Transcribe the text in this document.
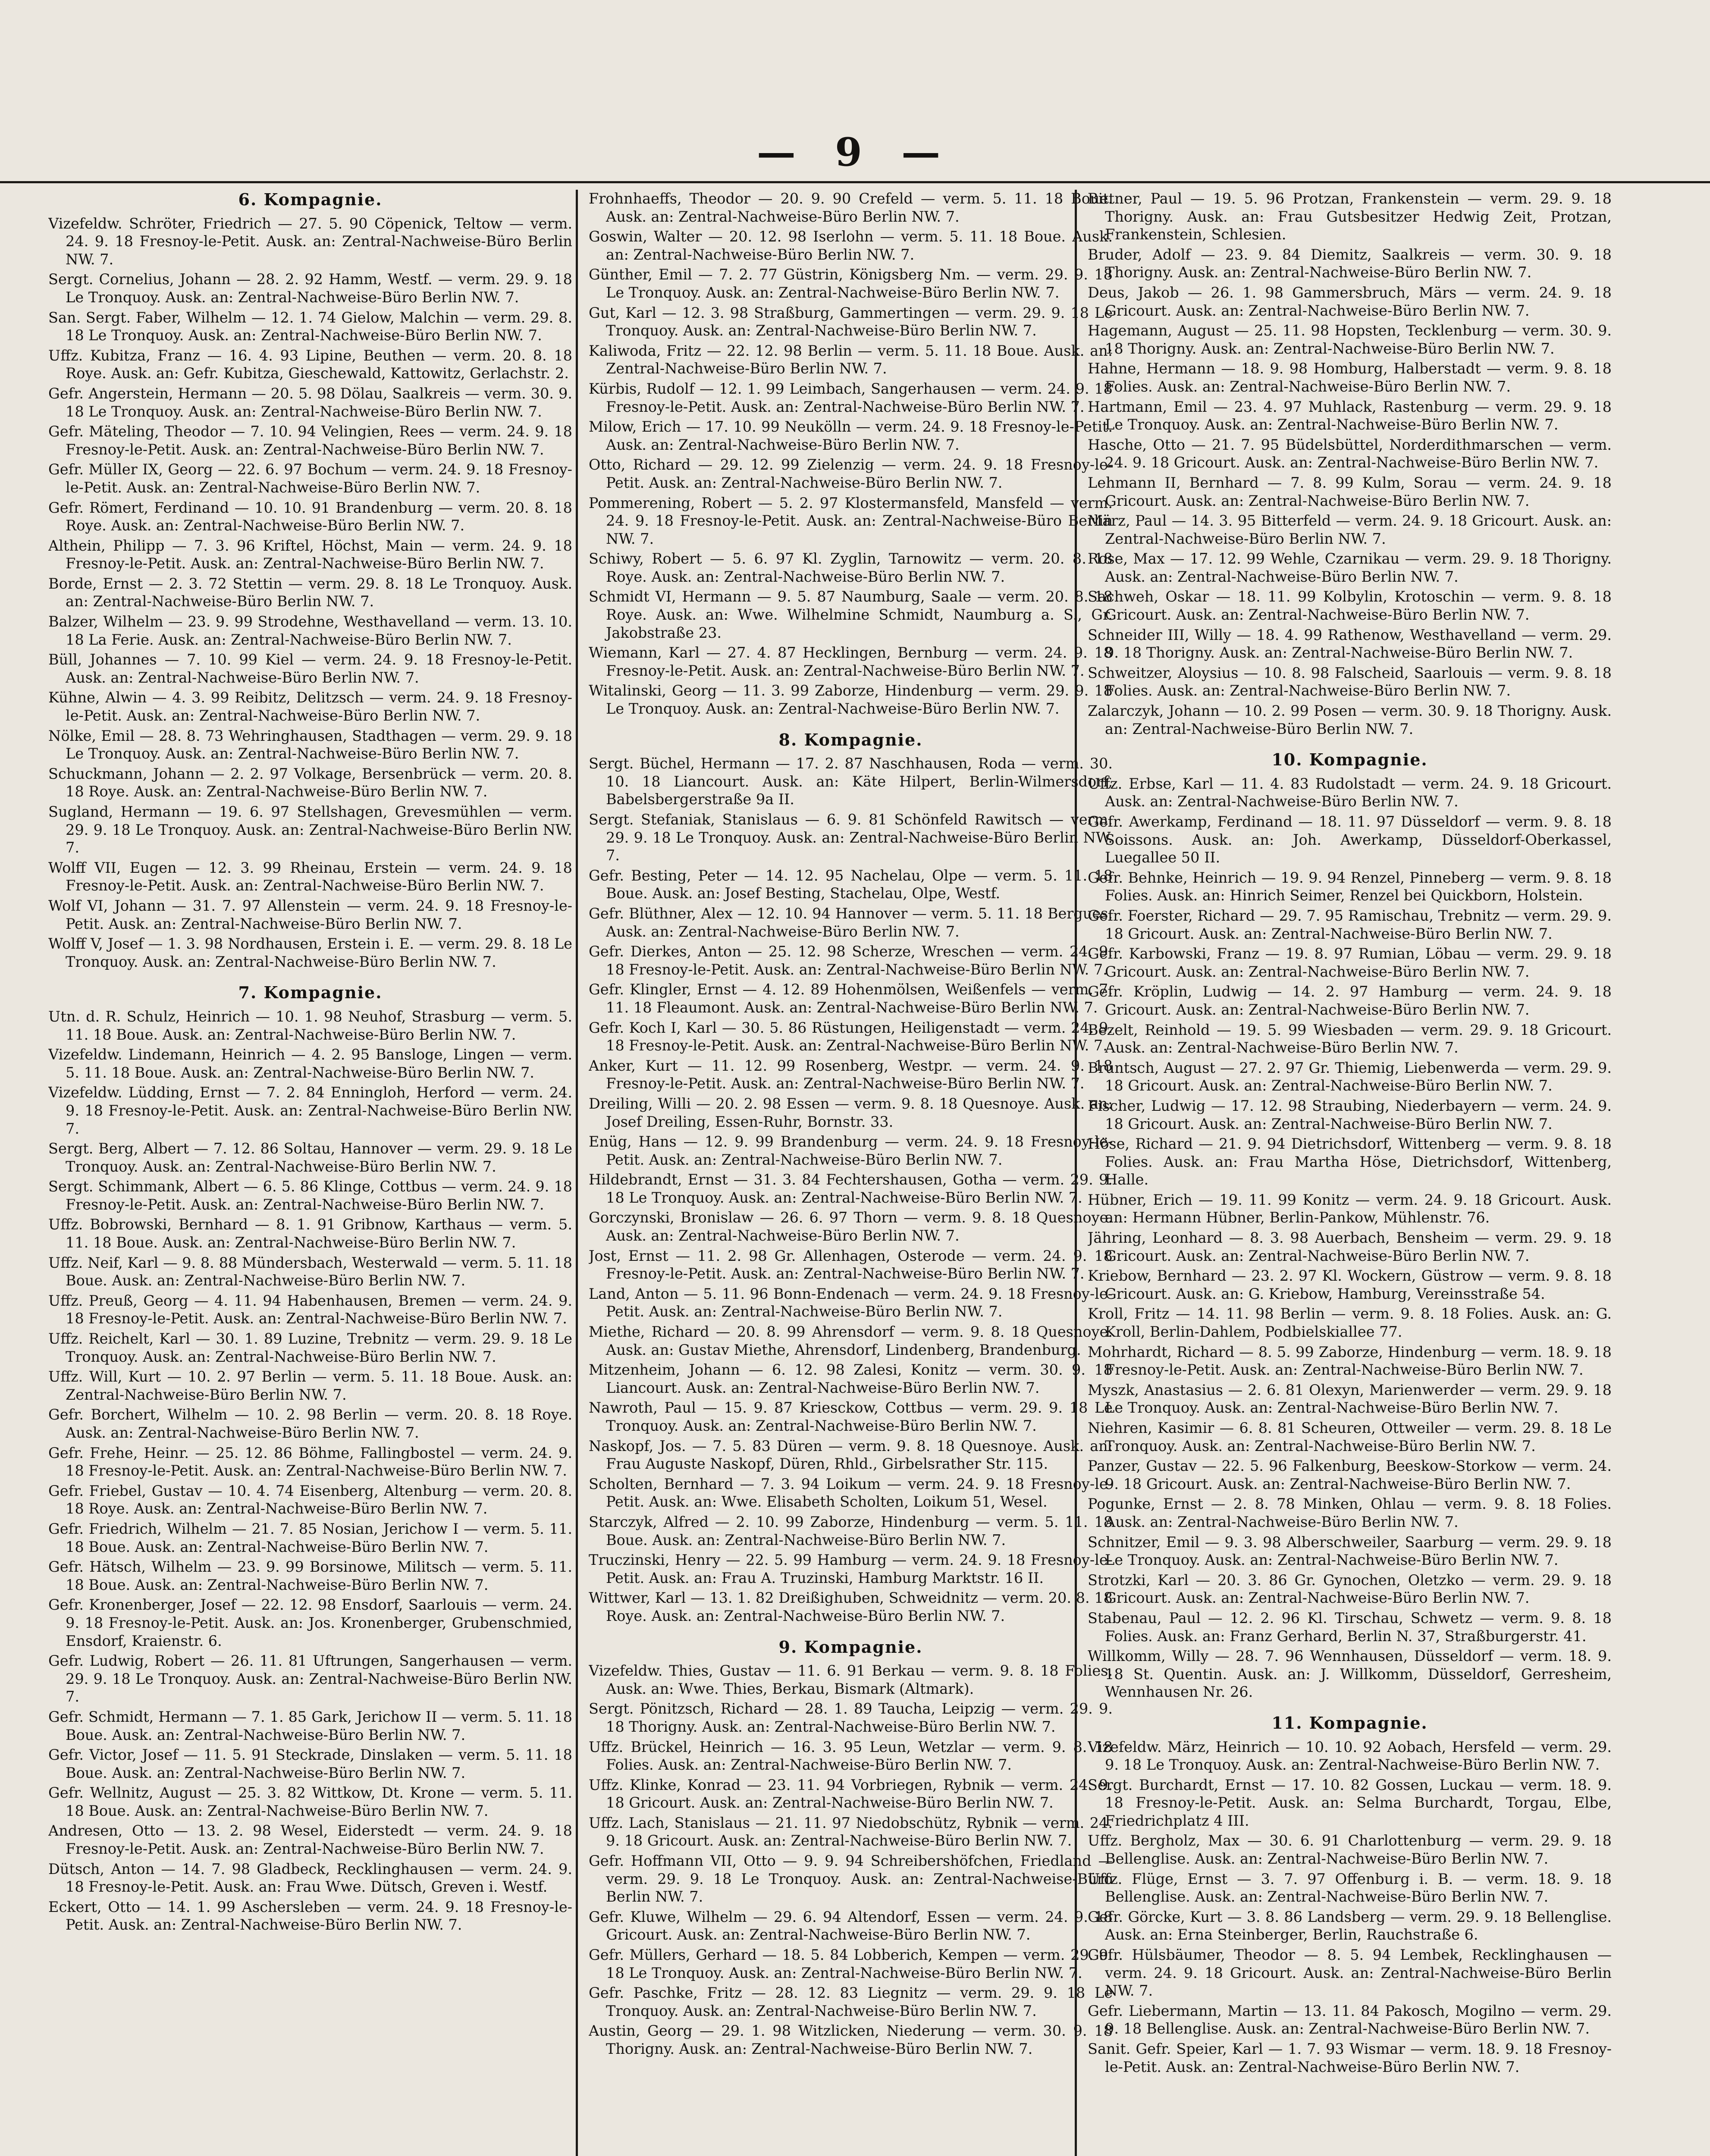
— 9 —
6. Kompagnie.
Vizefeldw. Schröter, Friedrich — 27. 5. 90 Cöpenick, Teltow — verm. 24. 9. 18 Fresnoy-le-Petit. Ausk. an: Zentral-Nachweise-Büro Berlin NW. 7.
Sergt. Cornelius, Johann — 28. 2. 92 Hamm, Westf. — verm. 29. 9. 18 Le Tronquoy. Ausk. an: Zentral-Nachweise-Büro Berlin NW. 7.
San. Sergt. Faber, Wilhelm — 12. 1. 74 Gielow, Malchin — verm. 29. 8. 18 Le Tronquoy. Ausk. an: Zentral-Nachweise-Büro Berlin NW. 7.
Uffz. Kubitza, Franz — 16. 4. 93 Lipine, Beuthen — verm. 20. 8. 18 Roye. Ausk. an: Gefr. Kubitza, Gieschewald, Kattowitz, Gerlachstr. 2.
Gefr. Angerstein, Hermann — 20. 5. 98 Dölau, Saalkreis — verm. 30. 9. 18 Le Tronquoy. Ausk. an: Zentral-Nachweise-Büro Berlin NW. 7.
Gefr. Mäteling, Theodor — 7. 10. 94 Velingien, Rees — verm. 24. 9. 18 Fresnoy-le-Petit. Ausk. an: Zentral-Nachweise-Büro Berlin NW. 7.
Gefr. Müller IX, Georg — 22. 6. 97 Bochum — verm. 24. 9. 18 Fresnoy-le-Petit. Ausk. an: Zentral-Nachweise-Büro Berlin NW. 7.
Gefr. Römert, Ferdinand — 10. 10. 91 Brandenburg — verm. 20. 8. 18 Roye. Ausk. an: Zentral-Nachweise-Büro Berlin NW. 7.
Althein, Philipp — 7. 3. 96 Kriftel, Höchst, Main — verm. 24. 9. 18 Fresnoy-le-Petit. Ausk. an: Zentral-Nachweise-Büro Berlin NW. 7.
Borde, Ernst — 2. 3. 72 Stettin — verm. 29. 8. 18 Le Tronquoy. Ausk. an: Zentral-Nachweise-Büro Berlin NW. 7.
Balzer, Wilhelm — 23. 9. 99 Strodehne, Westhavelland — verm. 13. 10. 18 La Ferie. Ausk. an: Zentral-Nachweise-Büro Berlin NW. 7.
Büll, Johannes — 7. 10. 99 Kiel — verm. 24. 9. 18 Fresnoy-le-Petit. Ausk. an: Zentral-Nachweise-Büro Berlin NW. 7.
Kühne, Alwin — 4. 3. 99 Reibitz, Delitzsch — verm. 24. 9. 18 Fresnoy-le-Petit. Ausk. an: Zentral-Nachweise-Büro Berlin NW. 7.
Nölke, Emil — 28. 8. 73 Wehringhausen, Stadthagen — verm. 29. 9. 18 Le Tronquoy. Ausk. an: Zentral-Nachweise-Büro Berlin NW. 7.
Schuckmann, Johann — 2. 2. 97 Volkage, Bersenbrück — verm. 20. 8. 18 Roye. Ausk. an: Zentral-Nachweise-Büro Berlin NW. 7.
Sugland, Hermann — 19. 6. 97 Stellshagen, Grevesmühlen — verm. 29. 9. 18 Le Tronquoy. Ausk. an: Zentral-Nachweise-Büro Berlin NW. 7.
Wolff VII, Eugen — 12. 3. 99 Rheinau, Erstein — verm. 24. 9. 18 Fresnoy-le-Petit. Ausk. an: Zentral-Nachweise-Büro Berlin NW. 7.
Wolf VI, Johann — 31. 7. 97 Allenstein — verm. 24. 9. 18 Fresnoy-le-Petit. Ausk. an: Zentral-Nachweise-Büro Berlin NW. 7.
Wolff V, Josef — 1. 3. 98 Nordhausen, Erstein i. E. — verm. 29. 8. 18 Le Tronquoy. Ausk. an: Zentral-Nachweise-Büro Berlin NW. 7.
7. Kompagnie.
Utn. d. R. Schulz, Heinrich — 10. 1. 98 Neuhof, Strasburg — verm. 5. 11. 18 Boue. Ausk. an: Zentral-Nachweise-Büro Berlin NW. 7.
Vizefeldw. Lindemann, Heinrich — 4. 2. 95 Bansloge, Lingen — verm. 5. 11. 18 Boue. Ausk. an: Zentral-Nachweise-Büro Berlin NW. 7.
Vizefeldw. Lüdding, Ernst — 7. 2. 84 Enningloh, Herford — verm. 24. 9. 18 Fresnoy-le-Petit. Ausk. an: Zentral-Nachweise-Büro Berlin NW. 7.
Sergt. Berg, Albert — 7. 12. 86 Soltau, Hannover — verm. 29. 9. 18 Le Tronquoy. Ausk. an: Zentral-Nachweise-Büro Berlin NW. 7.
Sergt. Schimmank, Albert — 6. 5. 86 Klinge, Cottbus — verm. 24. 9. 18 Fresnoy-le-Petit. Ausk. an: Zentral-Nachweise-Büro Berlin NW. 7.
Uffz. Bobrowski, Bernhard — 8. 1. 91 Gribnow, Karthaus — verm. 5. 11. 18 Boue. Ausk. an: Zentral-Nachweise-Büro Berlin NW. 7.
Uffz. Neif, Karl — 9. 8. 88 Mündersbach, Westerwald — verm. 5. 11. 18 Boue. Ausk. an: Zentral-Nachweise-Büro Berlin NW. 7.
Uffz. Preuß, Georg — 4. 11. 94 Habenhausen, Bremen — verm. 24. 9. 18 Fresnoy-le-Petit. Ausk. an: Zentral-Nachweise-Büro Berlin NW. 7.
Uffz. Reichelt, Karl — 30. 1. 89 Luzine, Trebnitz — verm. 29. 9. 18 Le Tronquoy. Ausk. an: Zentral-Nachweise-Büro Berlin NW. 7.
Uffz. Will, Kurt — 10. 2. 97 Berlin — verm. 5. 11. 18 Boue. Ausk. an: Zentral-Nachweise-Büro Berlin NW. 7.
Gefr. Borchert, Wilhelm — 10. 2. 98 Berlin — verm. 20. 8. 18 Roye. Ausk. an: Zentral-Nachweise-Büro Berlin NW. 7.
Gefr. Frehe, Heinr. — 25. 12. 86 Böhme, Fallingbostel — verm. 24. 9. 18 Fresnoy-le-Petit. Ausk. an: Zentral-Nachweise-Büro Berlin NW. 7.
Gefr. Friebel, Gustav — 10. 4. 74 Eisenberg, Altenburg — verm. 20. 8. 18 Roye. Ausk. an: Zentral-Nachweise-Büro Berlin NW. 7.
Gefr. Friedrich, Wilhelm — 21. 7. 85 Nosian, Jerichow I — verm. 5. 11. 18 Boue. Ausk. an: Zentral-Nachweise-Büro Berlin NW. 7.
Gefr. Hätsch, Wilhelm — 23. 9. 99 Borsinowe, Militsch — verm. 5. 11. 18 Boue. Ausk. an: Zentral-Nachweise-Büro Berlin NW. 7.
Gefr. Kronenberger, Josef — 22. 12. 98 Ensdorf, Saarlouis — verm. 24. 9. 18 Fresnoy-le-Petit. Ausk. an: Jos. Kronenberger, Grubenschmied, Ensdorf, Kraienstr. 6.
Gefr. Ludwig, Robert — 26. 11. 81 Uftrungen, Sangerhausen — verm. 29. 9. 18 Le Tronquoy. Ausk. an: Zentral-Nachweise-Büro Berlin NW. 7.
Gefr. Schmidt, Hermann — 7. 1. 85 Gark, Jerichow II — verm. 5. 11. 18 Boue. Ausk. an: Zentral-Nachweise-Büro Berlin NW. 7.
Gefr. Victor, Josef — 11. 5. 91 Steckrade, Dinslaken — verm. 5. 11. 18 Boue. Ausk. an: Zentral-Nachweise-Büro Berlin NW. 7.
Gefr. Wellnitz, August — 25. 3. 82 Wittkow, Dt. Krone — verm. 5. 11. 18 Boue. Ausk. an: Zentral-Nachweise-Büro Berlin NW. 7.
Andresen, Otto — 13. 2. 98 Wesel, Eiderstedt — verm. 24. 9. 18 Fresnoy-le-Petit. Ausk. an: Zentral-Nachweise-Büro Berlin NW. 7.
Dütsch, Anton — 14. 7. 98 Gladbeck, Recklinghausen — verm. 24. 9. 18 Fresnoy-le-Petit. Ausk. an: Frau Wwe. Dütsch, Greven i. Westf.
Eckert, Otto — 14. 1. 99 Aschersleben — verm. 24. 9. 18 Fresnoy-le-Petit. Ausk. an: Zentral-Nachweise-Büro Berlin NW. 7.
Frohnhaeffs, Theodor — 20. 9. 90 Crefeld — verm. 5. 11. 18 Boue. Ausk. an: Zentral-Nachweise-Büro Berlin NW. 7.
Goswin, Walter — 20. 12. 98 Iserlohn — verm. 5. 11. 18 Boue. Ausk. an: Zentral-Nachweise-Büro Berlin NW. 7.
Günther, Emil — 7. 2. 77 Güstrin, Königsberg Nm. — verm. 29. 9. 18 Le Tronquoy. Ausk. an: Zentral-Nachweise-Büro Berlin NW. 7.
Gut, Karl — 12. 3. 98 Straßburg, Gammertingen — verm. 29. 9. 18 Le Tronquoy. Ausk. an: Zentral-Nachweise-Büro Berlin NW. 7.
Kaliwoda, Fritz — 22. 12. 98 Berlin — verm. 5. 11. 18 Boue. Ausk. an: Zentral-Nachweise-Büro Berlin NW. 7.
Kürbis, Rudolf — 12. 1. 99 Leimbach, Sangerhausen — verm. 24. 9. 18 Fresnoy-le-Petit. Ausk. an: Zentral-Nachweise-Büro Berlin NW. 7.
Milow, Erich — 17. 10. 99 Neukölln — verm. 24. 9. 18 Fresnoy-le-Petit. Ausk. an: Zentral-Nachweise-Büro Berlin NW. 7.
Otto, Richard — 29. 12. 99 Zielenzig — verm. 24. 9. 18 Fresnoy-le-Petit. Ausk. an: Zentral-Nachweise-Büro Berlin NW. 7.
Pommerening, Robert — 5. 2. 97 Klostermansfeld, Mansfeld — verm. 24. 9. 18 Fresnoy-le-Petit. Ausk. an: Zentral-Nachweise-Büro Berlin NW. 7.
Schiwy, Robert — 5. 6. 97 Kl. Zyglin, Tarnowitz — verm. 20. 8. 18 Roye. Ausk. an: Zentral-Nachweise-Büro Berlin NW. 7.
Schmidt VI, Hermann — 9. 5. 87 Naumburg, Saale — verm. 20. 8. 18 Roye. Ausk. an: Wwe. Wilhelmine Schmidt, Naumburg a. S., Gr. Jakobstraße 23.
Wiemann, Karl — 27. 4. 87 Hecklingen, Bernburg — verm. 24. 9. 18 Fresnoy-le-Petit. Ausk. an: Zentral-Nachweise-Büro Berlin NW. 7.
Witalinski, Georg — 11. 3. 99 Zaborze, Hindenburg — verm. 29. 9. 18 Le Tronquoy. Ausk. an: Zentral-Nachweise-Büro Berlin NW. 7.
8. Kompagnie.
Sergt. Büchel, Hermann — 17. 2. 87 Naschhausen, Roda — verm. 30. 10. 18 Liancourt. Ausk. an: Käte Hilpert, Berlin-Wilmersdorf, Babelsbergerstraße 9a II.
Sergt. Stefaniak, Stanislaus — 6. 9. 81 Schönfeld Rawitsch — verm. 29. 9. 18 Le Tronquoy. Ausk. an: Zentral-Nachweise-Büro Berlin NW. 7.
Gefr. Besting, Peter — 14. 12. 95 Nachelau, Olpe — verm. 5. 11. 18 Boue. Ausk. an: Josef Besting, Stachelau, Olpe, Westf.
Gefr. Blüthner, Alex — 12. 10. 94 Hannover — verm. 5. 11. 18 Bergues. Ausk. an: Zentral-Nachweise-Büro Berlin NW. 7.
Gefr. Dierkes, Anton — 25. 12. 98 Scherze, Wreschen — verm. 24. 9. 18 Fresnoy-le-Petit. Ausk. an: Zentral-Nachweise-Büro Berlin NW. 7.
Gefr. Klingler, Ernst — 4. 12. 89 Hohenmölsen, Weißenfels — verm. 7. 11. 18 Fleaumont. Ausk. an: Zentral-Nachweise-Büro Berlin NW. 7.
Gefr. Koch I, Karl — 30. 5. 86 Rüstungen, Heiligenstadt — verm. 24. 9. 18 Fresnoy-le-Petit. Ausk. an: Zentral-Nachweise-Büro Berlin NW. 7.
Anker, Kurt — 11. 12. 99 Rosenberg, Westpr. — verm. 24. 9. 18 Fresnoy-le-Petit. Ausk. an: Zentral-Nachweise-Büro Berlin NW. 7.
Dreiling, Willi — 20. 2. 98 Essen — verm. 9. 8. 18 Quesnoye. Ausk. an: Josef Dreiling, Essen-Ruhr, Bornstr. 33.
Enüg, Hans — 12. 9. 99 Brandenburg — verm. 24. 9. 18 Fresnoy-le-Petit. Ausk. an: Zentral-Nachweise-Büro Berlin NW. 7.
Hildebrandt, Ernst — 31. 3. 84 Fechtershausen, Gotha — verm. 29. 9. 18 Le Tronquoy. Ausk. an: Zentral-Nachweise-Büro Berlin NW. 7.
Gorczynski, Bronislaw — 26. 6. 97 Thorn — verm. 9. 8. 18 Quesnoye. Ausk. an: Zentral-Nachweise-Büro Berlin NW. 7.
Jost, Ernst — 11. 2. 98 Gr. Allenhagen, Osterode — verm. 24. 9. 18 Fresnoy-le-Petit. Ausk. an: Zentral-Nachweise-Büro Berlin NW. 7.
Land, Anton — 5. 11. 96 Bonn-Endenach — verm. 24. 9. 18 Fresnoy-le-Petit. Ausk. an: Zentral-Nachweise-Büro Berlin NW. 7.
Miethe, Richard — 20. 8. 99 Ahrensdorf — verm. 9. 8. 18 Quesnoye. Ausk. an: Gustav Miethe, Ahrensdorf, Lindenberg, Brandenburg.
Mitzenheim, Johann — 6. 12. 98 Zalesi, Konitz — verm. 30. 9. 18 Liancourt. Ausk. an: Zentral-Nachweise-Büro Berlin NW. 7.
Nawroth, Paul — 15. 9. 87 Kriesckow, Cottbus — verm. 29. 9. 18 Le Tronquoy. Ausk. an: Zentral-Nachweise-Büro Berlin NW. 7.
Naskopf, Jos. — 7. 5. 83 Düren — verm. 9. 8. 18 Quesnoye. Ausk. an: Frau Auguste Naskopf, Düren, Rhld., Girbelsrather Str. 115.
Scholten, Bernhard — 7. 3. 94 Loikum — verm. 24. 9. 18 Fresnoy-le-Petit. Ausk. an: Wwe. Elisabeth Scholten, Loikum 51, Wesel.
Starczyk, Alfred — 2. 10. 99 Zaborze, Hindenburg — verm. 5. 11. 18 Boue. Ausk. an: Zentral-Nachweise-Büro Berlin NW. 7.
Truczinski, Henry — 22. 5. 99 Hamburg — verm. 24. 9. 18 Fresnoy-le-Petit. Ausk. an: Frau A. Truzinski, Hamburg Marktstr. 16 II.
Wittwer, Karl — 13. 1. 82 Dreißighuben, Schweidnitz — verm. 20. 8. 18 Roye. Ausk. an: Zentral-Nachweise-Büro Berlin NW. 7.
9. Kompagnie.
Vizefeldw. Thies, Gustav — 11. 6. 91 Berkau — verm. 9. 8. 18 Folies. Ausk. an: Wwe. Thies, Berkau, Bismark (Altmark).
Sergt. Pönitzsch, Richard — 28. 1. 89 Taucha, Leipzig — verm. 29. 9. 18 Thorigny. Ausk. an: Zentral-Nachweise-Büro Berlin NW. 7.
Uffz. Brückel, Heinrich — 16. 3. 95 Leun, Wetzlar — verm. 9. 8. 18 Folies. Ausk. an: Zentral-Nachweise-Büro Berlin NW. 7.
Uffz. Klinke, Konrad — 23. 11. 94 Vorbriegen, Rybnik — verm. 24. 9. 18 Gricourt. Ausk. an: Zentral-Nachweise-Büro Berlin NW. 7.
Uffz. Lach, Stanislaus — 21. 11. 97 Niedobschütz, Rybnik — verm. 24. 9. 18 Gricourt. Ausk. an: Zentral-Nachweise-Büro Berlin NW. 7.
Gefr. Hoffmann VII, Otto — 9. 9. 94 Schreibershöfchen, Friedland — verm. 29. 9. 18 Le Tronquoy. Ausk. an: Zentral-Nachweise-Büro Berlin NW. 7.
Gefr. Kluwe, Wilhelm — 29. 6. 94 Altendorf, Essen — verm. 24. 9. 18 Gricourt. Ausk. an: Zentral-Nachweise-Büro Berlin NW. 7.
Gefr. Müllers, Gerhard — 18. 5. 84 Lobberich, Kempen — verm. 29. 9. 18 Le Tronquoy. Ausk. an: Zentral-Nachweise-Büro Berlin NW. 7.
Gefr. Paschke, Fritz — 28. 12. 83 Liegnitz — verm. 29. 9. 18 Le Tronquoy. Ausk. an: Zentral-Nachweise-Büro Berlin NW. 7.
Austin, Georg — 29. 1. 98 Witzlicken, Niederung — verm. 30. 9. 18 Thorigny. Ausk. an: Zentral-Nachweise-Büro Berlin NW. 7.
Bittner, Paul — 19. 5. 96 Protzan, Frankenstein — verm. 29. 9. 18 Thorigny. Ausk. an: Frau Gutsbesitzer Hedwig Zeit, Protzan, Frankenstein, Schlesien.
Bruder, Adolf — 23. 9. 84 Diemitz, Saalkreis — verm. 30. 9. 18 Thorigny. Ausk. an: Zentral-Nachweise-Büro Berlin NW. 7.
Deus, Jakob — 26. 1. 98 Gammersbruch, Märs — verm. 24. 9. 18 Gricourt. Ausk. an: Zentral-Nachweise-Büro Berlin NW. 7.
Hagemann, August — 25. 11. 98 Hopsten, Tecklenburg — verm. 30. 9. 18 Thorigny. Ausk. an: Zentral-Nachweise-Büro Berlin NW. 7.
Hahne, Hermann — 18. 9. 98 Homburg, Halberstadt — verm. 9. 8. 18 Folies. Ausk. an: Zentral-Nachweise-Büro Berlin NW. 7.
Hartmann, Emil — 23. 4. 97 Muhlack, Rastenburg — verm. 29. 9. 18 Le Tronquoy. Ausk. an: Zentral-Nachweise-Büro Berlin NW. 7.
Hasche, Otto — 21. 7. 95 Büdelsbüttel, Norderdithmarschen — verm. 24. 9. 18 Gricourt. Ausk. an: Zentral-Nachweise-Büro Berlin NW. 7.
Lehmann II, Bernhard — 7. 8. 99 Kulm, Sorau — verm. 24. 9. 18 Gricourt. Ausk. an: Zentral-Nachweise-Büro Berlin NW. 7.
März, Paul — 14. 3. 95 Bitterfeld — verm. 24. 9. 18 Gricourt. Ausk. an: Zentral-Nachweise-Büro Berlin NW. 7.
Rose, Max — 17. 12. 99 Wehle, Czarnikau — verm. 29. 9. 18 Thorigny. Ausk. an: Zentral-Nachweise-Büro Berlin NW. 7.
Sachweh, Oskar — 18. 11. 99 Kolbylin, Krotoschin — verm. 9. 8. 18 Gricourt. Ausk. an: Zentral-Nachweise-Büro Berlin NW. 7.
Schneider III, Willy — 18. 4. 99 Rathenow, Westhavelland — verm. 29. 9. 18 Thorigny. Ausk. an: Zentral-Nachweise-Büro Berlin NW. 7.
Schweitzer, Aloysius — 10. 8. 98 Falscheid, Saarlouis — verm. 9. 8. 18 Folies. Ausk. an: Zentral-Nachweise-Büro Berlin NW. 7.
Zalarczyk, Johann — 10. 2. 99 Posen — verm. 30. 9. 18 Thorigny. Ausk. an: Zentral-Nachweise-Büro Berlin NW. 7.
10. Kompagnie.
Uffz. Erbse, Karl — 11. 4. 83 Rudolstadt — verm. 24. 9. 18 Gricourt. Ausk. an: Zentral-Nachweise-Büro Berlin NW. 7.
Gefr. Awerkamp, Ferdinand — 18. 11. 97 Düsseldorf — verm. 9. 8. 18 Soissons. Ausk. an: Joh. Awerkamp, Düsseldorf-Oberkassel, Luegallee 50 II.
Gefr. Behnke, Heinrich — 19. 9. 94 Renzel, Pinneberg — verm. 9. 8. 18 Folies. Ausk. an: Hinrich Seimer, Renzel bei Quickborn, Holstein.
Gefr. Foerster, Richard — 29. 7. 95 Ramischau, Trebnitz — verm. 29. 9. 18 Gricourt. Ausk. an: Zentral-Nachweise-Büro Berlin NW. 7.
Gefr. Karbowski, Franz — 19. 8. 97 Rumian, Löbau — verm. 29. 9. 18 Gricourt. Ausk. an: Zentral-Nachweise-Büro Berlin NW. 7.
Gefr. Kröplin, Ludwig — 14. 2. 97 Hamburg — verm. 24. 9. 18 Gricourt. Ausk. an: Zentral-Nachweise-Büro Berlin NW. 7.
Bezelt, Reinhold — 19. 5. 99 Wiesbaden — verm. 29. 9. 18 Gricourt. Ausk. an: Zentral-Nachweise-Büro Berlin NW. 7.
Bruntsch, August — 27. 2. 97 Gr. Thiemig, Liebenwerda — verm. 29. 9. 18 Gricourt. Ausk. an: Zentral-Nachweise-Büro Berlin NW. 7.
Fischer, Ludwig — 17. 12. 98 Straubing, Niederbayern — verm. 24. 9. 18 Gricourt. Ausk. an: Zentral-Nachweise-Büro Berlin NW. 7.
Höse, Richard — 21. 9. 94 Dietrichsdorf, Wittenberg — verm. 9. 8. 18 Folies. Ausk. an: Frau Martha Höse, Dietrichsdorf, Wittenberg, Halle.
Hübner, Erich — 19. 11. 99 Konitz — verm. 24. 9. 18 Gricourt. Ausk. an: Hermann Hübner, Berlin-Pankow, Mühlenstr. 76.
Jähring, Leonhard — 8. 3. 98 Auerbach, Bensheim — verm. 29. 9. 18 Gricourt. Ausk. an: Zentral-Nachweise-Büro Berlin NW. 7.
Kriebow, Bernhard — 23. 2. 97 Kl. Wockern, Güstrow — verm. 9. 8. 18 Gricourt. Ausk. an: G. Kriebow, Hamburg, Vereinsstraße 54.
Kroll, Fritz — 14. 11. 98 Berlin — verm. 9. 8. 18 Folies. Ausk. an: G. Kroll, Berlin-Dahlem, Podbielskiallee 77.
Mohrhardt, Richard — 8. 5. 99 Zaborze, Hindenburg — verm. 18. 9. 18 Fresnoy-le-Petit. Ausk. an: Zentral-Nachweise-Büro Berlin NW. 7.
Myszk, Anastasius — 2. 6. 81 Olexyn, Marienwerder — verm. 29. 9. 18 Le Tronquoy. Ausk. an: Zentral-Nachweise-Büro Berlin NW. 7.
Niehren, Kasimir — 6. 8. 81 Scheuren, Ottweiler — verm. 29. 8. 18 Le Tronquoy. Ausk. an: Zentral-Nachweise-Büro Berlin NW. 7.
Panzer, Gustav — 22. 5. 96 Falkenburg, Beeskow-Storkow — verm. 24. 9. 18 Gricourt. Ausk. an: Zentral-Nachweise-Büro Berlin NW. 7.
Pogunke, Ernst — 2. 8. 78 Minken, Ohlau — verm. 9. 8. 18 Folies. Ausk. an: Zentral-Nachweise-Büro Berlin NW. 7.
Schnitzer, Emil — 9. 3. 98 Alberschweiler, Saarburg — verm. 29. 9. 18 Le Tronquoy. Ausk. an: Zentral-Nachweise-Büro Berlin NW. 7.
Strotzki, Karl — 20. 3. 86 Gr. Gynochen, Oletzko — verm. 29. 9. 18 Gricourt. Ausk. an: Zentral-Nachweise-Büro Berlin NW. 7.
Stabenau, Paul — 12. 2. 96 Kl. Tirschau, Schwetz — verm. 9. 8. 18 Folies. Ausk. an: Franz Gerhard, Berlin N. 37, Straßburgerstr. 41.
Willkomm, Willy — 28. 7. 96 Wennhausen, Düsseldorf — verm. 18. 9. 18 St. Quentin. Ausk. an: J. Willkomm, Düsseldorf, Gerresheim, Wennhausen Nr. 26.
11. Kompagnie.
Vizefeldw. März, Heinrich — 10. 10. 92 Aobach, Hersfeld — verm. 29. 9. 18 Le Tronquoy. Ausk. an: Zentral-Nachweise-Büro Berlin NW. 7.
Sergt. Burchardt, Ernst — 17. 10. 82 Gossen, Luckau — verm. 18. 9. 18 Fresnoy-le-Petit. Ausk. an: Selma Burchardt, Torgau, Elbe, Friedrichplatz 4 III.
Uffz. Bergholz, Max — 30. 6. 91 Charlottenburg — verm. 29. 9. 18 Bellenglise. Ausk. an: Zentral-Nachweise-Büro Berlin NW. 7.
Uffz. Flüge, Ernst — 3. 7. 97 Offenburg i. B. — verm. 18. 9. 18 Bellenglise. Ausk. an: Zentral-Nachweise-Büro Berlin NW. 7.
Gefr. Görcke, Kurt — 3. 8. 86 Landsberg — verm. 29. 9. 18 Bellenglise. Ausk. an: Erna Steinberger, Berlin, Rauchstraße 6.
Gefr. Hülsbäumer, Theodor — 8. 5. 94 Lembek, Recklinghausen — verm. 24. 9. 18 Gricourt. Ausk. an: Zentral-Nachweise-Büro Berlin NW. 7.
Gefr. Liebermann, Martin — 13. 11. 84 Pakosch, Mogilno — verm. 29. 9. 18 Bellenglise. Ausk. an: Zentral-Nachweise-Büro Berlin NW. 7.
Sanit. Gefr. Speier, Karl — 1. 7. 93 Wismar — verm. 18. 9. 18 Fresnoy-le-Petit. Ausk. an: Zentral-Nachweise-Büro Berlin NW. 7.
